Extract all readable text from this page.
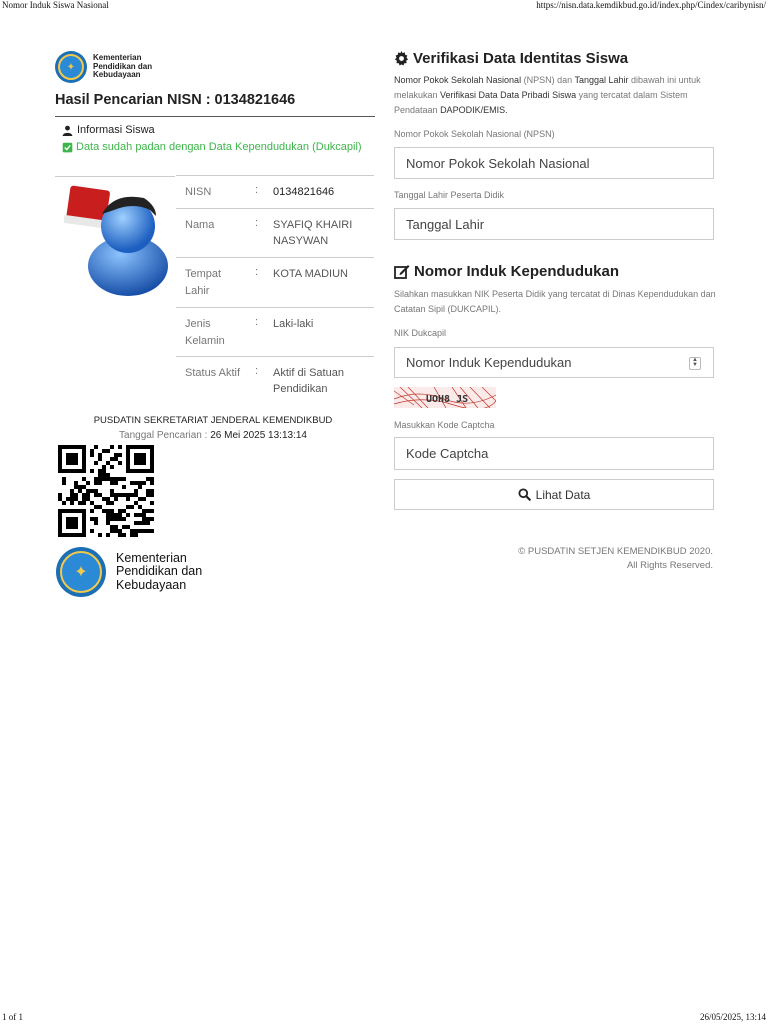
Nomor Induk Siswa Nasional	https://nisn.data.kemdikbud.go.id/index.php/Cindex/caribynisn/
1 of 1	26/05/2025, 13:14
✦
Kementerian
Pendidikan dan
Kebudayaan
Hasil Pencarian NISN : 0134821646
Informasi Siswa
Data sudah padan dengan Data Kependudukan (Dukcapil)
NISN	: 0134821646
Nama	: SYAFIQ KHAIRI NASYWAN
Tempat Lahir
: KOTA MADIUN
Jenis Kelamin
: Laki-laki
Status Aktif	: Aktif di Satuan Pendidikan
PUSDATIN SEKRETARIAT JENDERAL KEMENDIKBUD
Tanggal Pencarian : 26 Mei 2025 13:13:14
✦
Kementerian
Pendidikan dan
Kebudayaan
Verifikasi Data Identitas Siswa
Nomor Pokok Sekolah Nasional (NPSN) dan Tanggal Lahir dibawah ini untuk melakukan Verifikasi Data Data Pribadi Siswa yang tercatat dalam Sistem Pendataan DAPODIK/EMIS.
Nomor Pokok Sekolah Nasional (NPSN)
Nomor Pokok Sekolah Nasional
Tanggal Lahir Peserta Didik
Tanggal Lahir
Nomor Induk Kependudukan
Silahkan masukkan NIK Peserta Didik yang tercatat di Dinas Kependudukan dan Catatan Sipil (DUKCAPIL).
NIK Dukcapil
Nomor Induk Kependudukan	▲
▼
UOH8 JS
Masukkan Kode Captcha
Kode Captcha
Lihat Data
© PUSDATIN SETJEN KEMENDIKBUD 2020.
All Rights Reserved.
